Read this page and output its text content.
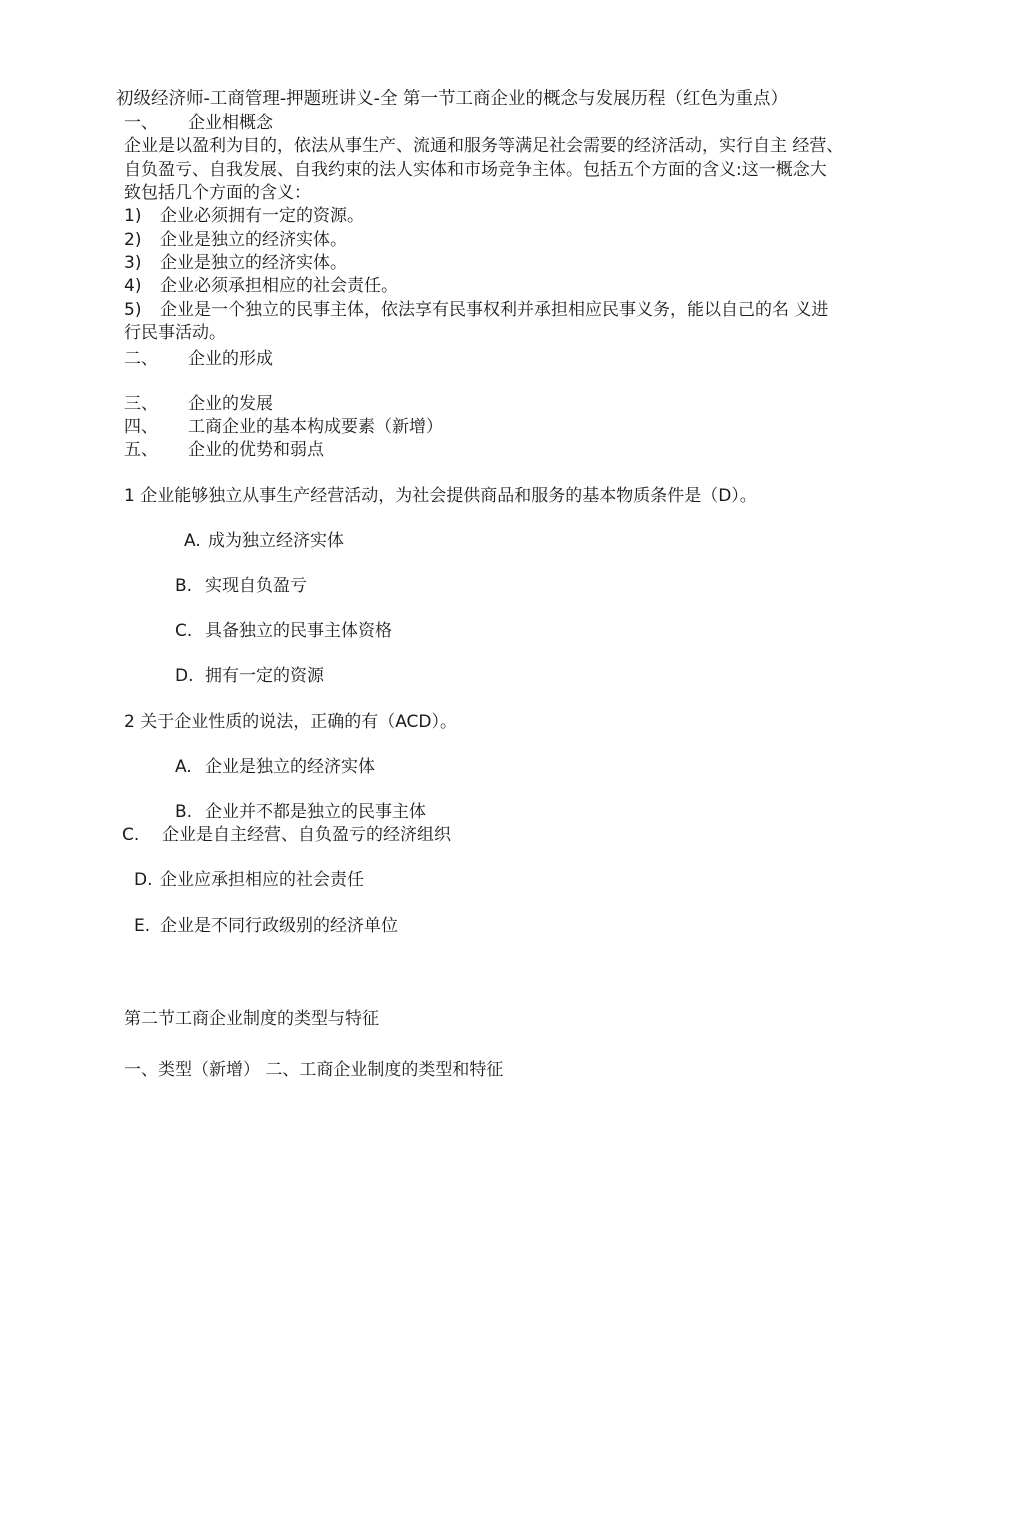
初级经济师-工商管理-押题班讲义-全 第一节工商企业的概念与发展历程（红色为重点）
一、 企业相概念
企业是以盈利为目的，依法从事生产、流通和服务等满足社会需要的经济活动，实行自主 经营、
自负盈亏、自我发展、自我约束的法人实体和市场竞争主体。包括五个方面的含义:这一概念大
致包括几个方面的含义：
1) 企业必须拥有一定的资源。
2) 企业是独立的经济实体。
3) 企业是独立的经济实体。
4) 企业必须承担相应的社会责任。
5) 企业是一个独立的民事主体，依法享有民事权利并承担相应民事义务，能以自己的名 义进
行民事活动。
二、 企业的形成
三、 企业的发展
四、 工商企业的基本构成要素（新增）
五、 企业的优势和弱点
1 企业能够独立从事生产经营活动，为社会提供商品和服务的基本物质条件是（D）。
A. 成为独立经济实体
B. 实现自负盈亏
C. 具备独立的民事主体资格
D. 拥有一定的资源
2 关于企业性质的说法，正确的有（ACD）。
A. 企业是独立的经济实体
B. 企业并不都是独立的民事主体
C. 企业是自主经营、自负盈亏的经济组织
D. 企业应承担相应的社会责任
E. 企业是不同行政级别的经济单位
第二节工商企业制度的类型与特征
一、类型（新增） 二、工商企业制度的类型和特征
